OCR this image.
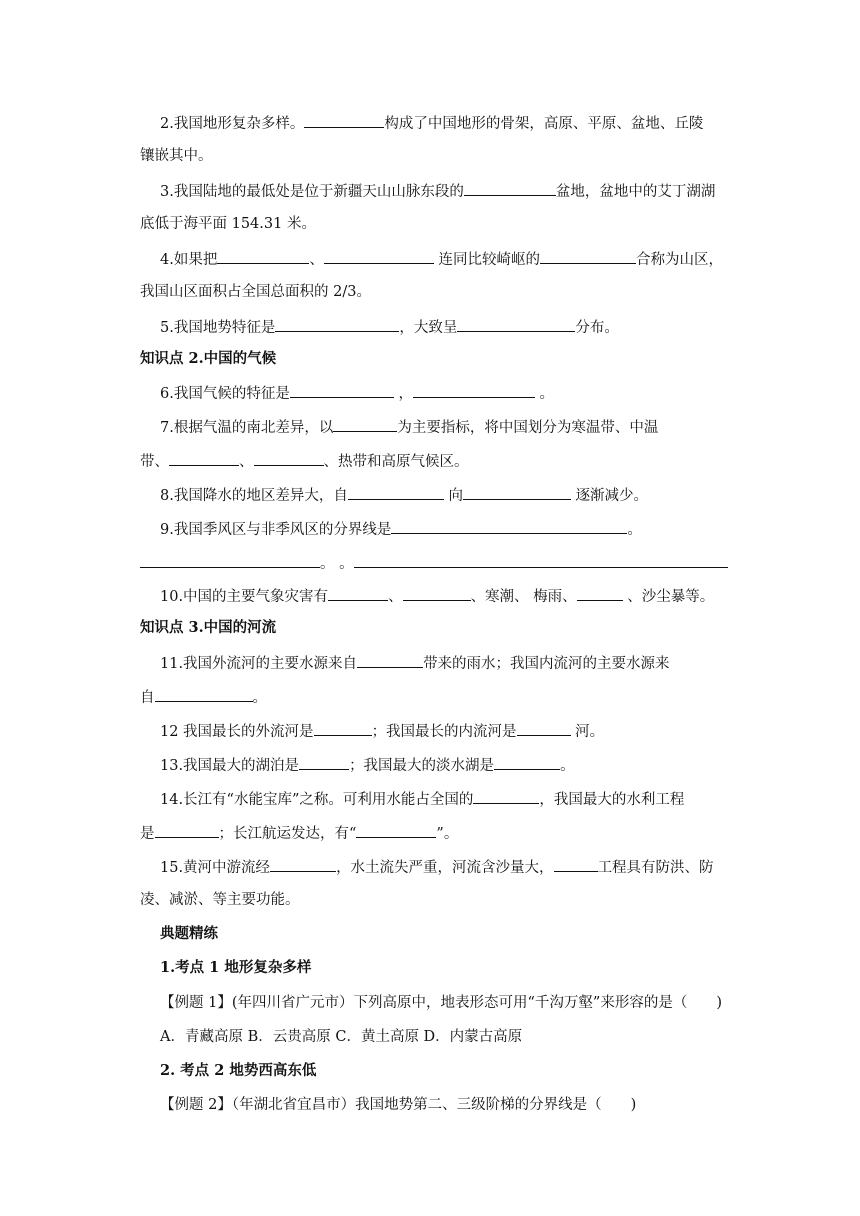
2.我国地形复杂多样。	构成了中国地形的骨架，高原、平原、盆地、丘陵
镶嵌其中。
3.我国陆地的最低处是位于新疆天山山脉东段的	盆地，盆地中的艾丁湖湖
底低于海平面 154.31 米。
4.如果把	、	连同比较崎岖的	合称为山区，
我国山区面积占全国总面积的 2/3。
5.我国地势特征是	，大致呈	分布。
知识点 2.中国的气候
6.我国气候的特征是	，	。
7.根据气温的南北差异，以	为主要指标，将中国划分为寒温带、中温
带、	、	、热带和高原气候区。
8.我国降水的地区差异大，自	向	逐渐减少。
9.我国季风区与非季风区的分界线是	。
。 。
10.中国的主要气象灾害有	、	、寒潮、 梅雨、	、沙尘暴等。
知识点 3.中国的河流
11.我国外流河的主要水源来自	带来的雨水；我国内流河的主要水源来
自	。
12 我国最长的外流河是	；我国最长的内流河是	河。
13.我国最大的湖泊是	；我国最大的淡水湖是	。
14.长江有“水能宝库”之称。可利用水能占全国的	，我国最大的水利工程
是	；长江航运发达，有“	”。
15.黄河中游流经	，水土流失严重，河流含沙量大，	工程具有防洪、防
凌、减淤、等主要功能。
典题精练
1.考点 1 地形复杂多样
【例题 1】(年四川省广元市）下列高原中，地表形态可用“千沟万壑”来形容的是（　　)
A．青藏高原 B．云贵高原 C．黄土高原 D．内蒙古高原
2. 考点 2 地势西高东低
【例题 2】（年湖北省宜昌市）我国地势第二、三级阶梯的分界线是（　　)
